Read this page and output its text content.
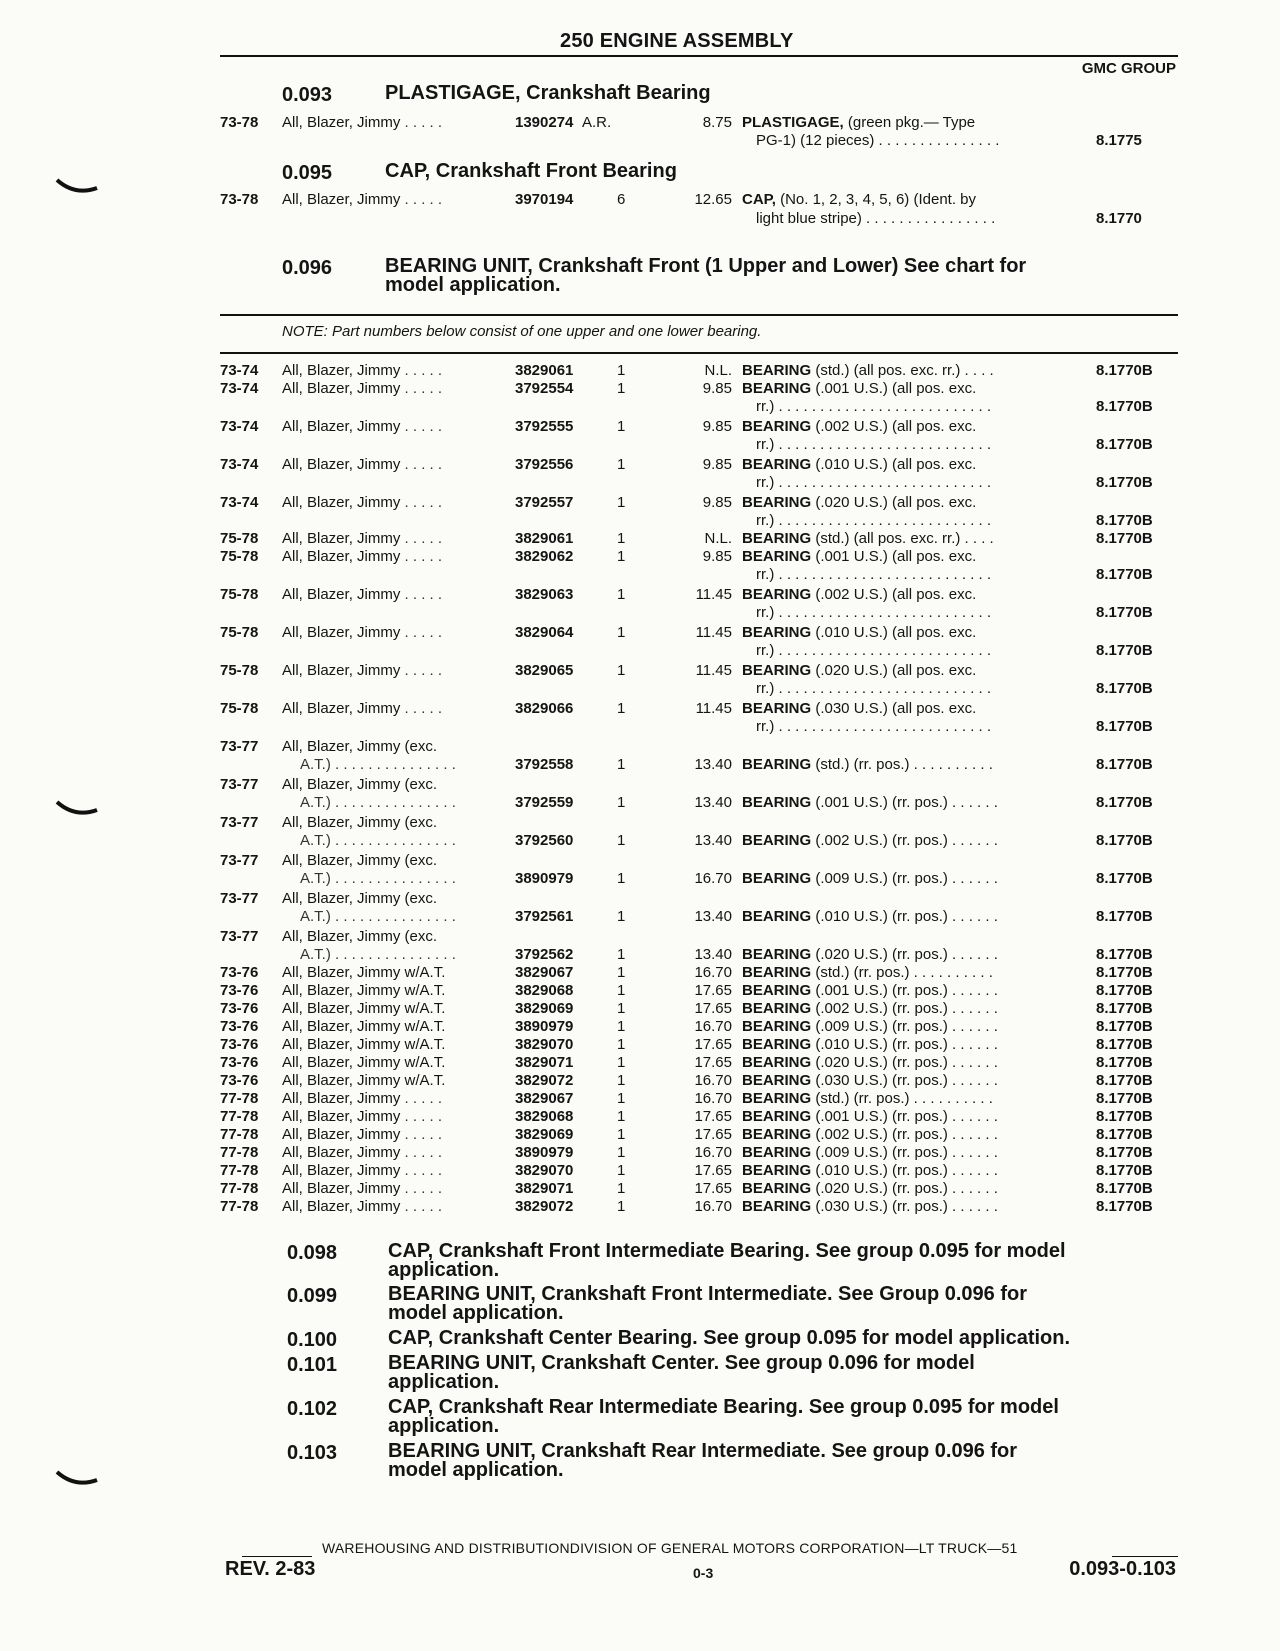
250 ENGINE ASSEMBLY
GMC GROUP
0.093	PLASTIGAGE, Crankshaft Bearing
73-78 All, Blazer, Jimmy . . . . .	1390274 A.R.	8.75 PLASTIGAGE, (green pkg.— Type
PG-1) (12 pieces) . . . . . . . . . . . . . . .	8.1775
0.095	CAP, Crankshaft Front Bearing
73-78 All, Blazer, Jimmy . . . . .	3970194	6	12.65 CAP, (No. 1, 2, 3, 4, 5, 6) (Ident. by
light blue stripe) . . . . . . . . . . . . . . . .	8.1770
0.096	BEARING UNIT, Crankshaft Front (1 Upper and Lower) See chart for
model application.
NOTE: Part numbers below consist of one upper and one lower bearing.
73-74 All, Blazer, Jimmy . . . . .	3829061	1	N.L. BEARING (std.) (all pos. exc. rr.) . . . .	8.1770B
73-74 All, Blazer, Jimmy . . . . .	3792554	1	9.85 BEARING (.001 U.S.) (all pos. exc.
rr.) . . . . . . . . . . . . . . . . . . . . . . . . . .	8.1770B
73-74 All, Blazer, Jimmy . . . . .	3792555	1	9.85 BEARING (.002 U.S.) (all pos. exc.
rr.) . . . . . . . . . . . . . . . . . . . . . . . . . .	8.1770B
73-74 All, Blazer, Jimmy . . . . .	3792556	1	9.85 BEARING (.010 U.S.) (all pos. exc.
rr.) . . . . . . . . . . . . . . . . . . . . . . . . . .	8.1770B
73-74 All, Blazer, Jimmy . . . . .	3792557	1	9.85 BEARING (.020 U.S.) (all pos. exc.
rr.) . . . . . . . . . . . . . . . . . . . . . . . . . .	8.1770B
75-78 All, Blazer, Jimmy . . . . .	3829061	1	N.L. BEARING (std.) (all pos. exc. rr.) . . . .	8.1770B
75-78 All, Blazer, Jimmy . . . . .	3829062	1	9.85 BEARING (.001 U.S.) (all pos. exc.
rr.) . . . . . . . . . . . . . . . . . . . . . . . . . .	8.1770B
75-78 All, Blazer, Jimmy . . . . .	3829063	1	11.45 BEARING (.002 U.S.) (all pos. exc.
rr.) . . . . . . . . . . . . . . . . . . . . . . . . . .	8.1770B
75-78 All, Blazer, Jimmy . . . . .	3829064	1	11.45 BEARING (.010 U.S.) (all pos. exc.
rr.) . . . . . . . . . . . . . . . . . . . . . . . . . .	8.1770B
75-78 All, Blazer, Jimmy . . . . .	3829065	1	11.45 BEARING (.020 U.S.) (all pos. exc.
rr.) . . . . . . . . . . . . . . . . . . . . . . . . . .	8.1770B
75-78 All, Blazer, Jimmy . . . . .	3829066	1	11.45 BEARING (.030 U.S.) (all pos. exc.
rr.) . . . . . . . . . . . . . . . . . . . . . . . . . .	8.1770B
73-77 All, Blazer, Jimmy (exc.
A.T.) . . . . . . . . . . . . . . .	3792558	1	13.40 BEARING (std.) (rr. pos.) . . . . . . . . . .	8.1770B
73-77 All, Blazer, Jimmy (exc.
A.T.) . . . . . . . . . . . . . . .	3792559	1	13.40 BEARING (.001 U.S.) (rr. pos.) . . . . . .	8.1770B
73-77 All, Blazer, Jimmy (exc.
A.T.) . . . . . . . . . . . . . . .	3792560	1	13.40 BEARING (.002 U.S.) (rr. pos.) . . . . . .	8.1770B
73-77 All, Blazer, Jimmy (exc.
A.T.) . . . . . . . . . . . . . . .	3890979	1	16.70 BEARING (.009 U.S.) (rr. pos.) . . . . . .	8.1770B
73-77 All, Blazer, Jimmy (exc.
A.T.) . . . . . . . . . . . . . . .	3792561	1	13.40 BEARING (.010 U.S.) (rr. pos.) . . . . . .	8.1770B
73-77 All, Blazer, Jimmy (exc.
A.T.) . . . . . . . . . . . . . . .	3792562	1	13.40 BEARING (.020 U.S.) (rr. pos.) . . . . . .	8.1770B
73-76 All, Blazer, Jimmy w/A.T.	3829067	1	16.70 BEARING (std.) (rr. pos.) . . . . . . . . . .	8.1770B
73-76 All, Blazer, Jimmy w/A.T.	3829068	1	17.65 BEARING (.001 U.S.) (rr. pos.) . . . . . .	8.1770B
73-76 All, Blazer, Jimmy w/A.T.	3829069	1	17.65 BEARING (.002 U.S.) (rr. pos.) . . . . . .	8.1770B
73-76 All, Blazer, Jimmy w/A.T.	3890979	1	16.70 BEARING (.009 U.S.) (rr. pos.) . . . . . .	8.1770B
73-76 All, Blazer, Jimmy w/A.T.	3829070	1	17.65 BEARING (.010 U.S.) (rr. pos.) . . . . . .	8.1770B
73-76 All, Blazer, Jimmy w/A.T.	3829071	1	17.65 BEARING (.020 U.S.) (rr. pos.) . . . . . .	8.1770B
73-76 All, Blazer, Jimmy w/A.T.	3829072	1	16.70 BEARING (.030 U.S.) (rr. pos.) . . . . . .	8.1770B
77-78 All, Blazer, Jimmy . . . . .	3829067	1	16.70 BEARING (std.) (rr. pos.) . . . . . . . . . .	8.1770B
77-78 All, Blazer, Jimmy . . . . .	3829068	1	17.65 BEARING (.001 U.S.) (rr. pos.) . . . . . .	8.1770B
77-78 All, Blazer, Jimmy . . . . .	3829069	1	17.65 BEARING (.002 U.S.) (rr. pos.) . . . . . .	8.1770B
77-78 All, Blazer, Jimmy . . . . .	3890979	1	16.70 BEARING (.009 U.S.) (rr. pos.) . . . . . .	8.1770B
77-78 All, Blazer, Jimmy . . . . .	3829070	1	17.65 BEARING (.010 U.S.) (rr. pos.) . . . . . .	8.1770B
77-78 All, Blazer, Jimmy . . . . .	3829071	1	17.65 BEARING (.020 U.S.) (rr. pos.) . . . . . .	8.1770B
77-78 All, Blazer, Jimmy . . . . .	3829072	1	16.70 BEARING (.030 U.S.) (rr. pos.) . . . . . .	8.1770B
0.098	CAP, Crankshaft Front Intermediate Bearing. See group 0.095 for model
application.
0.099	BEARING UNIT, Crankshaft Front Intermediate. See Group 0.096 for
model application.
0.100	CAP, Crankshaft Center Bearing. See group 0.095 for model application.
0.101	BEARING UNIT, Crankshaft Center. See group 0.096 for model
application.
0.102	CAP, Crankshaft Rear Intermediate Bearing. See group 0.095 for model
application.
0.103	BEARING UNIT, Crankshaft Rear Intermediate. See group 0.096 for
model application.
WAREHOUSING AND DISTRIBUTIONDIVISION OF GENERAL MOTORS CORPORATION—LT TRUCK—51
REV. 2-83	0-3	0.093-0.103
